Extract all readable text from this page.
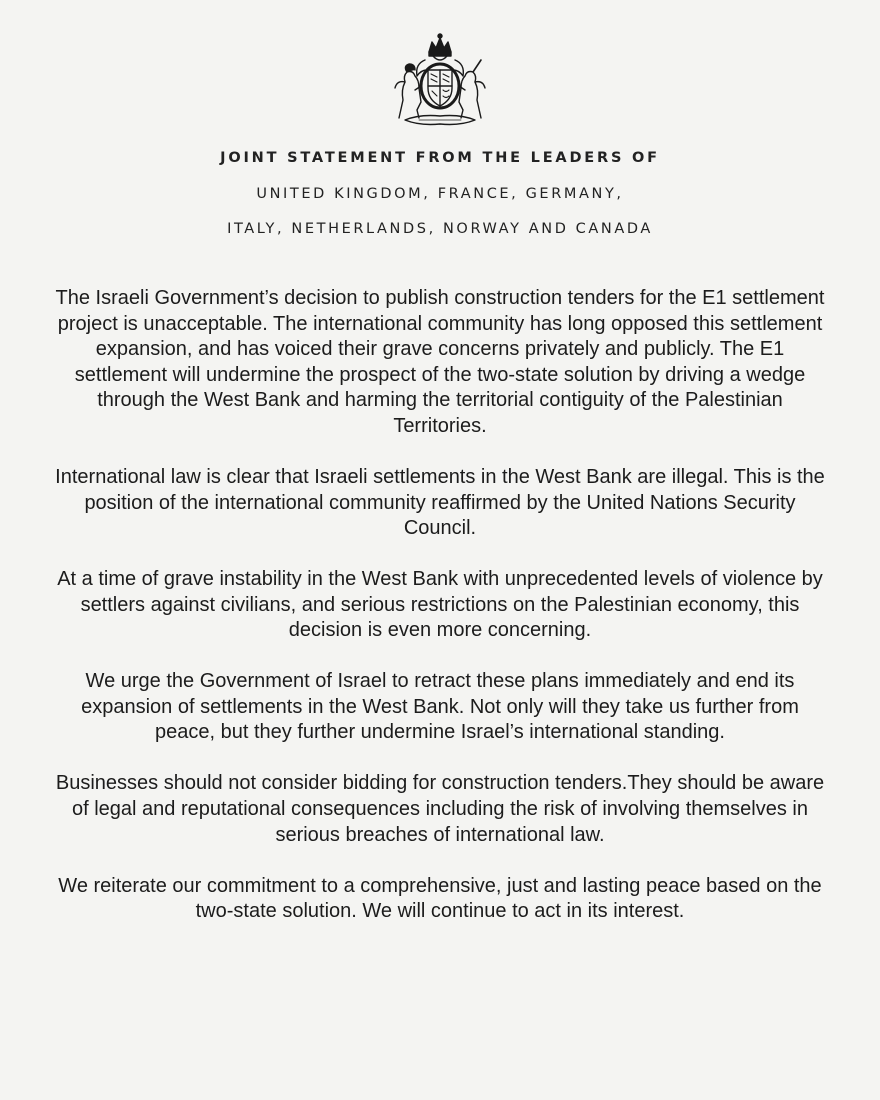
JOINT STATEMENT FROM THE LEADERS OF
UNITED KINGDOM, FRANCE, GERMANY,
ITALY, NETHERLANDS, NORWAY AND CANADA

The Israeli Government’s decision to publish construction tenders for the E1 settlement project is unacceptable. The international community has long opposed this settlement expansion, and has voiced their grave concerns privately and publicly. The E1 settlement will undermine the prospect of the two-state solution by driving a wedge through the West Bank and harming the territorial contiguity of the Palestinian Territories.

International law is clear that Israeli settlements in the West Bank are illegal. This is the position of the international community reaffirmed by the United Nations Security Council.

At a time of grave instability in the West Bank with unprecedented levels of violence by settlers against civilians, and serious restrictions on the Palestinian economy, this decision is even more concerning.

We urge the Government of Israel to retract these plans immediately and end its expansion of settlements in the West Bank. Not only will they take us further from peace, but they further undermine Israel’s international standing.

Businesses should not consider bidding for construction tenders.They should be aware of legal and reputational consequences including the risk of involving themselves in serious breaches of international law.

We reiterate our commitment to a comprehensive, just and lasting peace based on the two-state solution. We will continue to act in its interest.
